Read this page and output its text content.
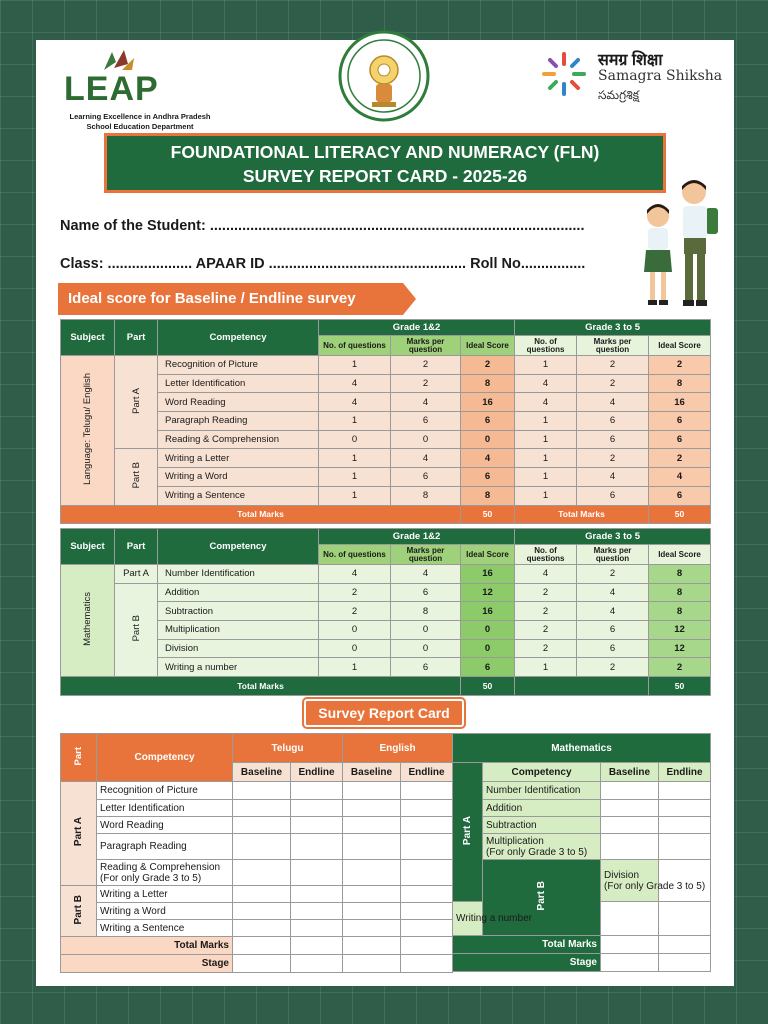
LEAP
Learning Excellence in Andhra Pradesh
School Education Department
समग्र शिक्षा
Samagra Shiksha
సమగ్రశిక్ష
FOUNDATIONAL LITERACY AND NUMERACY (FLN)
SURVEY REPORT CARD - 2025-26
Name of the Student: .............................................................................................
Class: ..................... APAAR ID ................................................. Roll No................
Ideal score for Baseline / Endline survey
Subject	Part	Competency	Grade 1&2			Grade 3 to 5		
			No. of questions	Marks per question	Ideal Score	No. of questions	Marks per question	Ideal Score
Language: Telugu/ English	Part A	Recognition of Picture	1	2	2	1	2	2
		Letter Identification	4	2	8	4	2	8
		Word Reading	4	4	16	4	4	16
		Paragraph Reading	1	6	6	1	6	6
		Reading & Comprehension	0	0	0	1	6	6
	Part B	Writing a Letter	1	4	4	1	2	2
		Writing a Word	1	6	6	1	4	4
		Writing a Sentence	1	8	8	1	6	6
Total Marks					50	Total Marks		50
Subject	Part	Competency	Grade 1&2			Grade 3 to 5		
			No. of questions	Marks per question	Ideal Score	No. of questions	Marks per question	Ideal Score
Mathematics	Part A	Number Identification	4	4	16	4	2	8
	Part B	Addition	2	6	12	2	4	8
		Subtraction	2	8	16	2	4	8
		Multiplication	0	0	0	2	6	12
		Division	0	0	0	2	6	12
		Writing a number	1	6	6	1	2	2
Total Marks					50			50
Survey Report Card
Part	Competency	Telugu		English	
		Baseline	Endline	Baseline	Endline
Part A	Recognition of Picture				
	Letter Identification				
	Word Reading				
	Paragraph Reading				
	Reading & Comprehension
(For only Grade 3 to 5)				
Part B	Writing a Letter				
	Writing a Word				
	Writing a Sentence				
Total Marks					
Stage					
Mathematics				
Part A	Competency	Baseline	Endline	
	Number Identification			
	Addition			
	Subtraction			
	Multiplication
(For only Grade 3 to 5)			
	Part B	Division
(For only Grade 3 to 5)		
Writing a number				
Total Marks				
Stage				
